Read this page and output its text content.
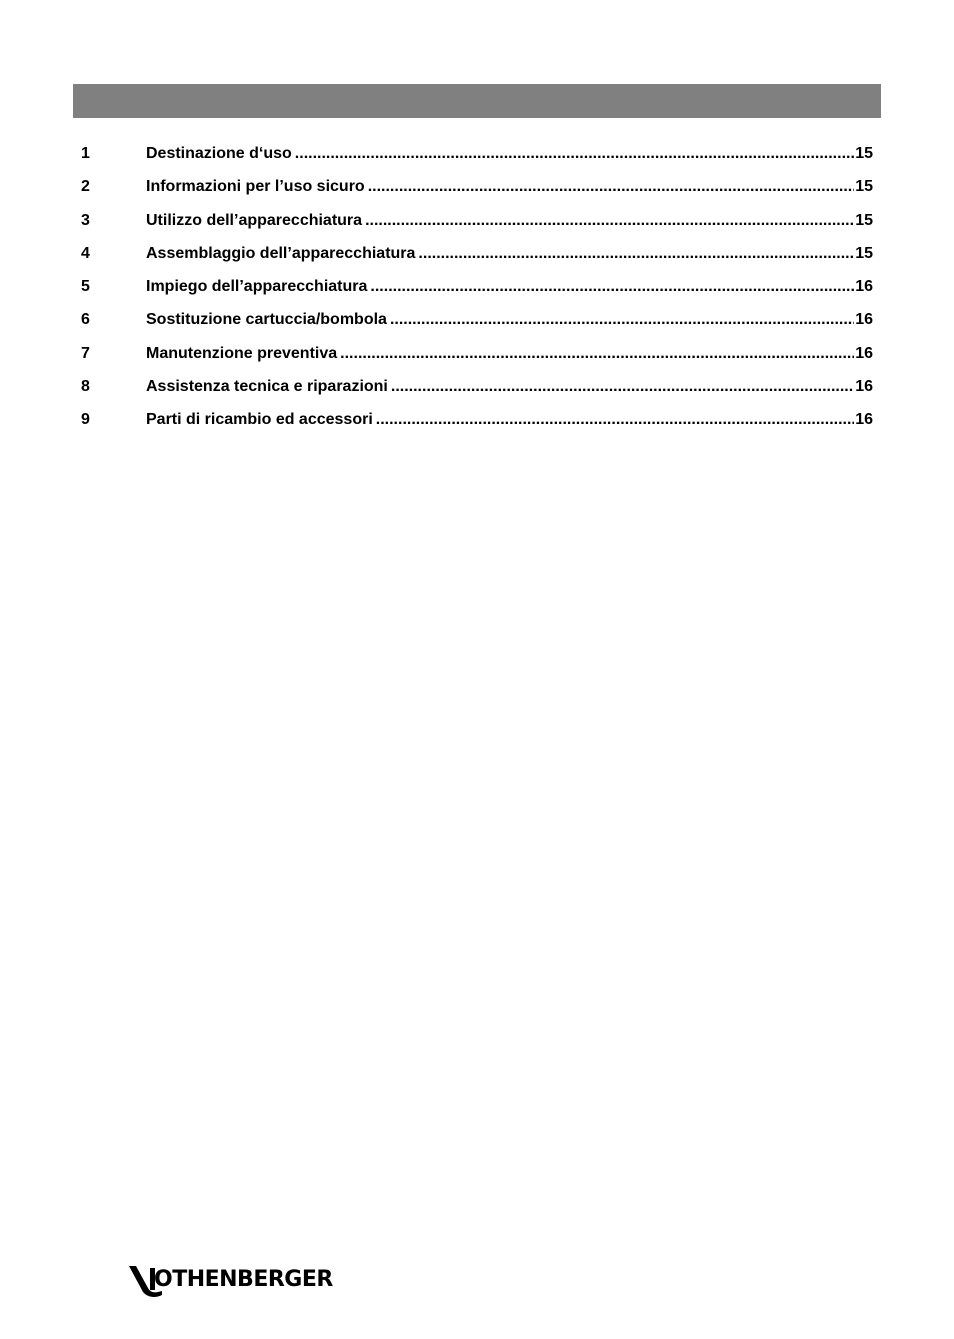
1	Destinazione d‘uso .....	15
2	Informazioni per l’uso sicuro .....	15
3	Utilizzo dell’apparecchiatura .....	15
4	Assemblaggio dell’apparecchiatura .....	15
5	Impiego dell’apparecchiatura .....	16
6	Sostituzione cartuccia/bombola .....	16
7	Manutenzione preventiva .....	16
8	Assistenza tecnica e riparazioni .....	16
9	Parti di ricambio ed accessori .....	16
OTHENBERGER
